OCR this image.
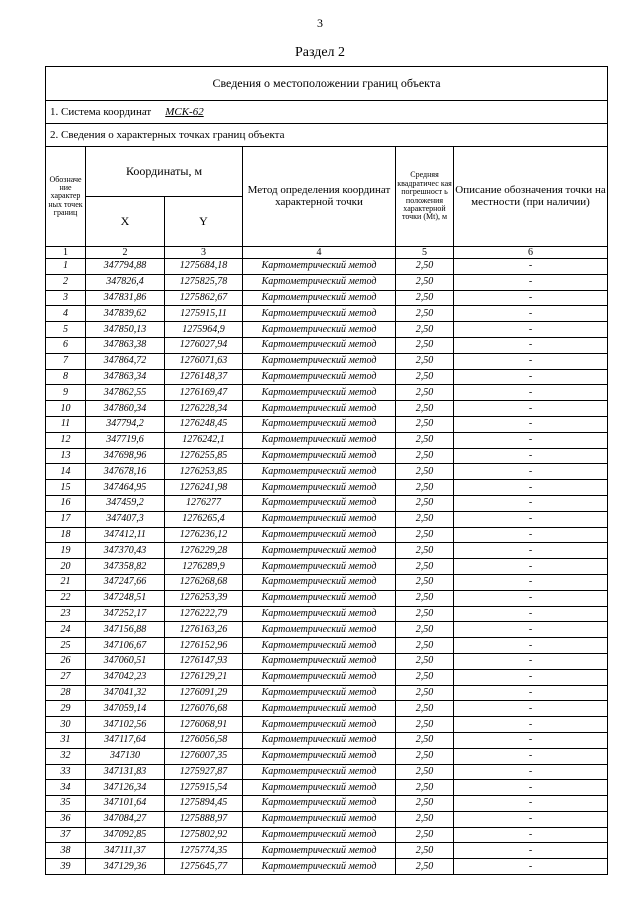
3
Раздел 2
Сведения о местоположении границ объекта					
1. Система координат МСК-62					
2. Сведения о характерных точках границ объекта					
Обозначе ние характер ных точек границ	Координаты, м		Метод определения координат характерной точки	Средняя квадратичес кая погрешност ь положения характерной точки (Mt), м	Описание обозначения точки на местности (при наличии)
	X	Y			
1	2	3	4	5	6
1	347794,88	1275684,18	Картометрический метод	2,50	-
2	347826,4	1275825,78	Картометрический метод	2,50	-
3	347831,86	1275862,67	Картометрический метод	2,50	-
4	347839,62	1275915,11	Картометрический метод	2,50	-
5	347850,13	1275964,9	Картометрический метод	2,50	-
6	347863,38	1276027,94	Картометрический метод	2,50	-
7	347864,72	1276071,63	Картометрический метод	2,50	-
8	347863,34	1276148,37	Картометрический метод	2,50	-
9	347862,55	1276169,47	Картометрический метод	2,50	-
10	347860,34	1276228,34	Картометрический метод	2,50	-
11	347794,2	1276248,45	Картометрический метод	2,50	-
12	347719,6	1276242,1	Картометрический метод	2,50	-
13	347698,96	1276255,85	Картометрический метод	2,50	-
14	347678,16	1276253,85	Картометрический метод	2,50	-
15	347464,95	1276241,98	Картометрический метод	2,50	-
16	347459,2	1276277	Картометрический метод	2,50	-
17	347407,3	1276265,4	Картометрический метод	2,50	-
18	347412,11	1276236,12	Картометрический метод	2,50	-
19	347370,43	1276229,28	Картометрический метод	2,50	-
20	347358,82	1276289,9	Картометрический метод	2,50	-
21	347247,66	1276268,68	Картометрический метод	2,50	-
22	347248,51	1276253,39	Картометрический метод	2,50	-
23	347252,17	1276222,79	Картометрический метод	2,50	-
24	347156,88	1276163,26	Картометрический метод	2,50	-
25	347106,67	1276152,96	Картометрический метод	2,50	-
26	347060,51	1276147,93	Картометрический метод	2,50	-
27	347042,23	1276129,21	Картометрический метод	2,50	-
28	347041,32	1276091,29	Картометрический метод	2,50	-
29	347059,14	1276076,68	Картометрический метод	2,50	-
30	347102,56	1276068,91	Картометрический метод	2,50	-
31	347117,64	1276056,58	Картометрический метод	2,50	-
32	347130	1276007,35	Картометрический метод	2,50	-
33	347131,83	1275927,87	Картометрический метод	2,50	-
34	347126,34	1275915,54	Картометрический метод	2,50	-
35	347101,64	1275894,45	Картометрический метод	2,50	-
36	347084,27	1275888,97	Картометрический метод	2,50	-
37	347092,85	1275802,92	Картометрический метод	2,50	-
38	347111,37	1275774,35	Картометрический метод	2,50	-
39	347129,36	1275645,77	Картометрический метод	2,50	-
